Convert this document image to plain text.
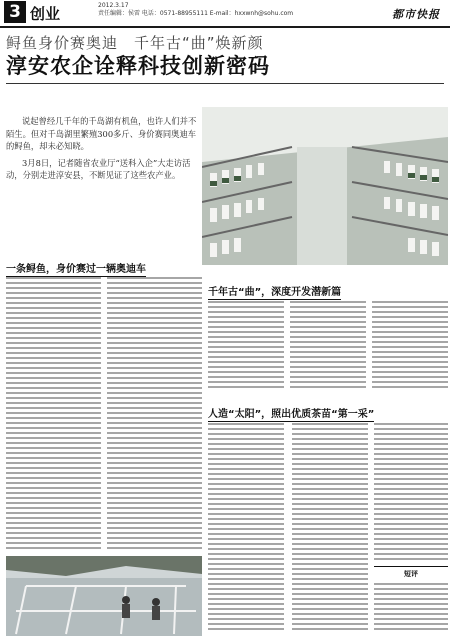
3 创业	2012.3.17
责任编辑：侯雷 电话：0571-88955111 E-mail：hxxwnh@sohu.com	都市快报
鲟鱼身价赛奥迪　千年古“曲”焕新颜
淳安农企诠释科技创新密码

说起曾经几千年的千岛湖有机鱼，也许人们并不陌生。但对千岛湖里繁殖300多斤、身价赛同奥迪车的鲟鱼，却未必知晓。

3月8日，记者随省农业厅“送科入企”大走访活动，分别走进淳安县，不断见证了这些农产业。

一条鲟鱼，身价赛过一辆奥迪车
千年古“曲”，深度开发潜新篇
人造“太阳”，照出优质茶苗“第一采”
短评
